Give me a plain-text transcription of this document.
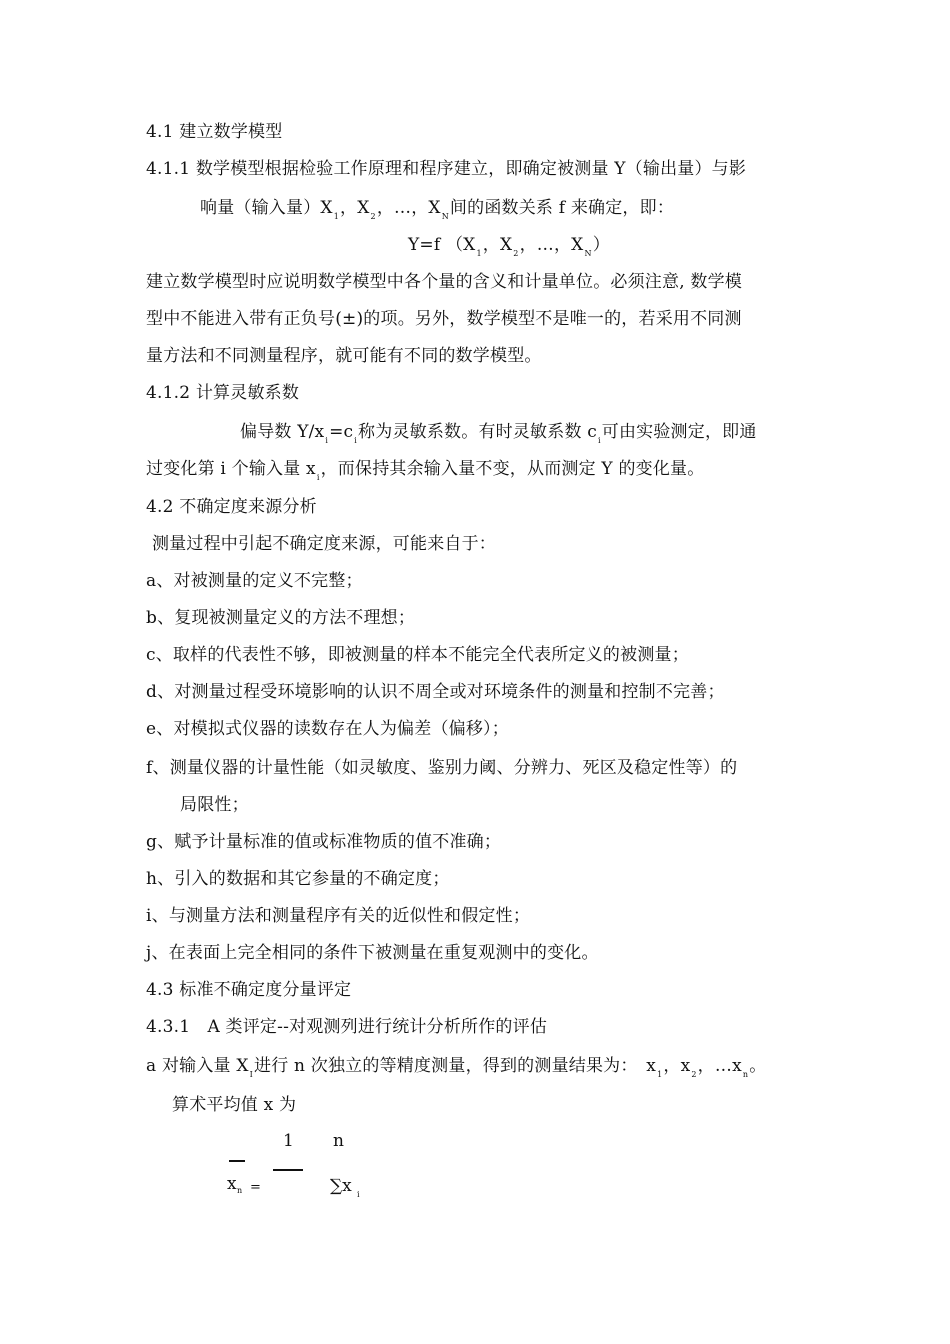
4.1 建立数学模型
4.1.1 数学模型根据检验工作原理和程序建立，即确定被测量 Y（输出量）与影
响量（输入量）$X_1$，$X_2$，…，$X_N$间的函数关系 f 来确定，即：
Y=f （$X_1$，$X_2$，…，$X_N$）
建立数学模型时应说明数学模型中各个量的含义和计量单位。必须注意, 数学模
型中不能进入带有正负号(±)的项。另外，数学模型不是唯一的，若采用不同测
量方法和不同测量程序，就可能有不同的数学模型。
4.1.2 计算灵敏系数
偏导数 $Y/x_i=c_i$称为灵敏系数。有时灵敏系数 $c_i$可由实验测定，即通
过变化第 i 个输入量 $x_i$，而保持其余输入量不变，从而测定 Y 的变化量。
4.2 不确定度来源分析
测量过程中引起不确定度来源，可能来自于：
a、对被测量的定义不完整；
b、复现被测量定义的方法不理想；
c、取样的代表性不够，即被测量的样本不能完全代表所定义的被测量；
d、对测量过程受环境影响的认识不周全或对环境条件的测量和控制不完善；
e、对模拟式仪器的读数存在人为偏差（偏移）；
f、测量仪器的计量性能（如灵敏度、鉴别力阈、分辨力、死区及稳定性等）的
局限性；
g、赋予计量标准的值或标准物质的值不准确；
h、引入的数据和其它参量的不确定度；
i、与测量方法和测量程序有关的近似性和假定性；
j、在表面上完全相同的条件下被测量在重复观测中的变化。
4.3 标准不确定度分量评定
4.3.1　A 类评定--对观测列进行统计分析所作的评估
a 对输入量 $X_I$进行 n 次独立的等精度测量，得到的测量结果为：　$x_1$，$x_2$，$\dots x_n$。
算术平均值 x 为
x n =
1 n
∑x i
